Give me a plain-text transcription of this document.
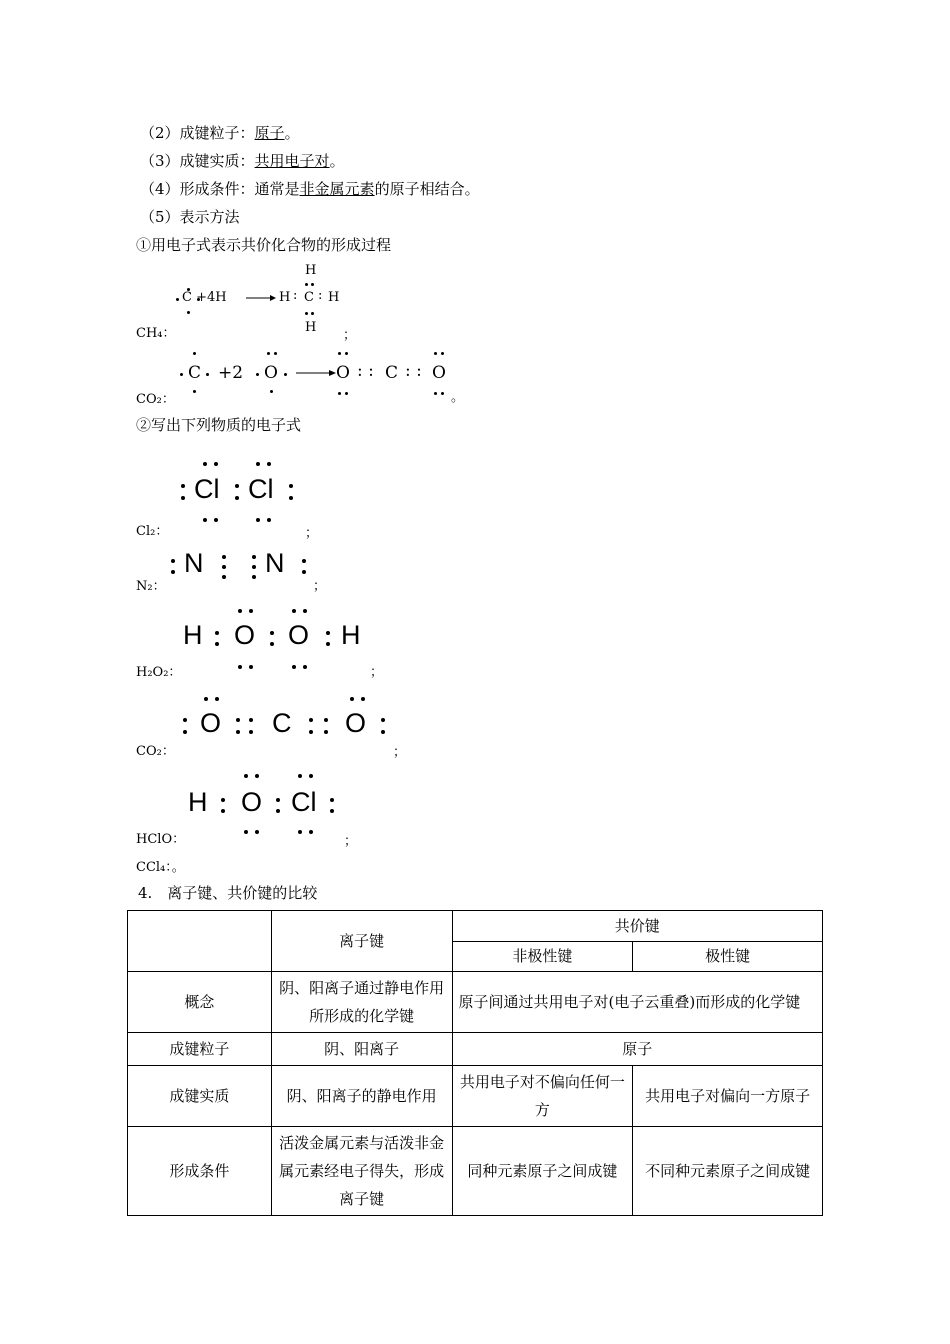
（2）成键粒子：原子。
（3）成键实质：共用电子对。
（4）形成条件：通常是非金属元素的原子相结合。
（5）表示方法
①用电子式表示共价化合物的形成过程
C +4H	H : C : H
H
H
CH₄：	；
C +2 O	O : : C : : O
。
CO₂：
②写出下列物质的电子式
Cl Cl
Cl₂：	；
N N
N₂：	；
H O O H
H₂O₂：	；
O C O
CO₂：	；
H O Cl
HClO：	；
CCl₄：。
4.　离子键、共价键的比较
	离子键	共价键	
		非极性键	极性键
概念	阴、阳离子通过静电作用所形成的化学键	原子间通过共用电子对(电子云重叠)而形成的化学键	
成键粒子	阴、阳离子	原子	
成键实质	阴、阳离子的静电作用	共用电子对不偏向任何一方	共用电子对偏向一方原子
形成条件	活泼金属元素与活泼非金属元素经电子得失，形成离子键	同种元素原子之间成键	不同种元素原子之间成键
